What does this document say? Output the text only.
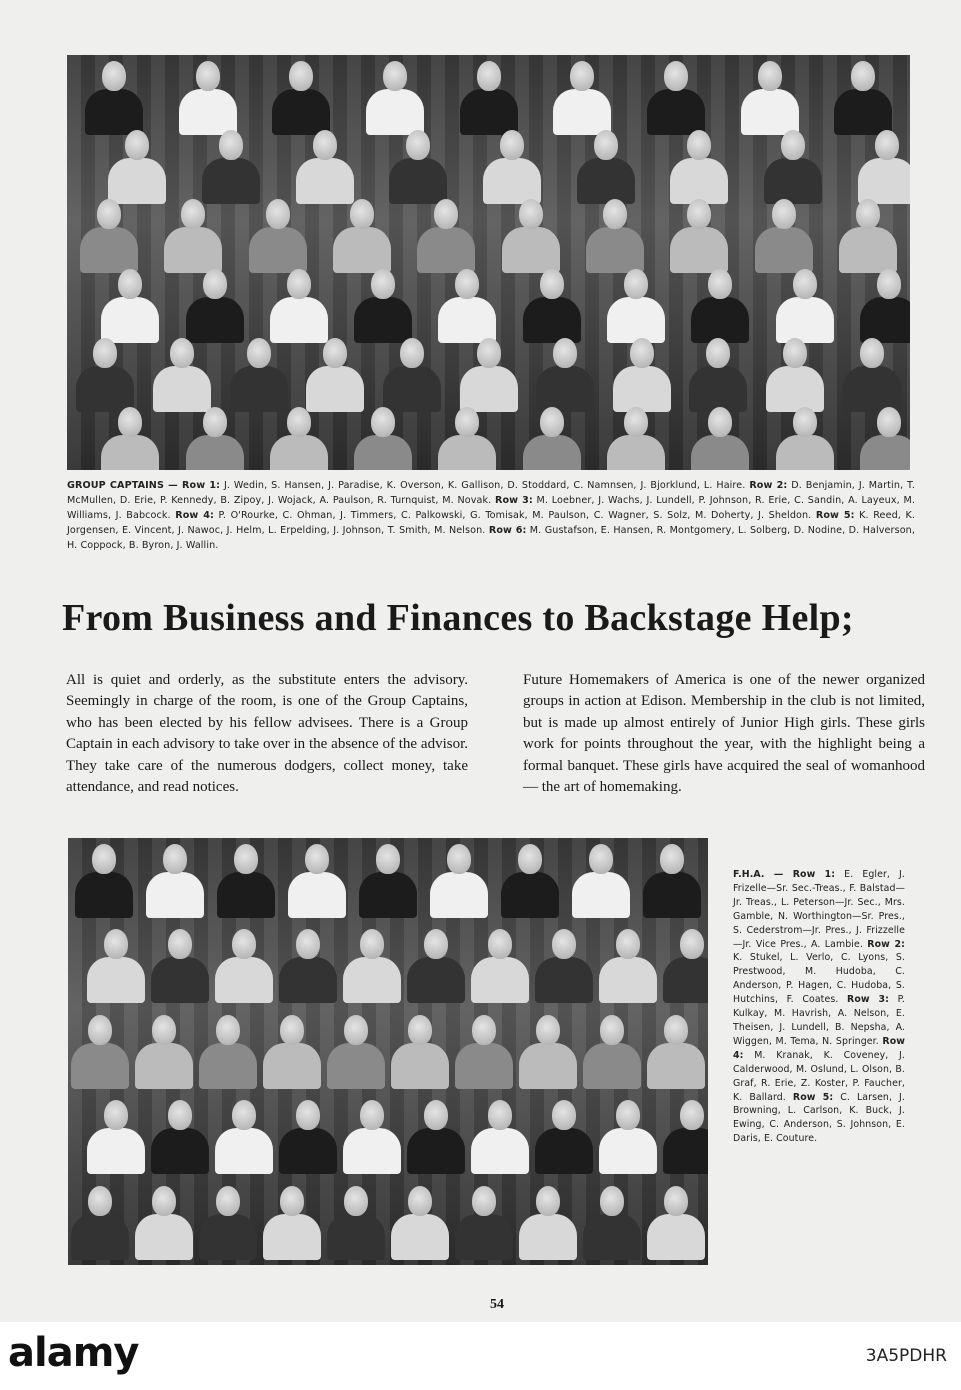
GROUP CAPTAINS — Row 1: J. Wedin, S. Hansen, J. Paradise, K. Overson, K. Gallison, D. Stoddard, C. Namnsen, J. Bjorklund, L. Haire. Row 2: D. Benjamin, J. Martin, T. McMullen, D. Erie, P. Kennedy, B. Zipoy, J. Wojack, A. Paulson, R. Turnquist, M. Novak. Row 3: M. Loebner, J. Wachs, J. Lundell, P. Johnson, R. Erie, C. Sandin, A. Layeux, M. Williams, J. Babcock. Row 4: P. O'Rourke, C. Ohman, J. Timmers, C. Palkowski, G. Tomisak, M. Paulson, C. Wagner, S. Solz, M. Doherty, J. Sheldon. Row 5: K. Reed, K. Jorgensen, E. Vincent, J. Nawoc, J. Helm, L. Erpelding, J. Johnson, T. Smith, M. Nelson. Row 6: M. Gustafson, E. Hansen, R. Montgomery, L. Solberg, D. Nodine, D. Halverson, H. Coppock, B. Byron, J. Wallin.
From Business and Finances to Backstage Help;
All is quiet and orderly, as the substitute enters the advisory. Seemingly in charge of the room, is one of the Group Captains, who has been elected by his fellow advisees. There is a Group Captain in each advisory to take over in the absence of the advisor. They take care of the numerous dodgers, collect money, take attendance, and read notices.
Future Homemakers of America is one of the newer organized groups in action at Edison. Membership in the club is not limited, but is made up almost entirely of Junior High girls. These girls work for points throughout the year, with the highlight being a formal banquet. These girls have acquired the seal of womanhood — the art of homemaking.
F.H.A. — Row 1: E. Egler, J. Frizelle—Sr. Sec.-Treas., F. Balstad—Jr. Treas., L. Peterson—Jr. Sec., Mrs. Gamble, N. Worthington—Sr. Pres., S. Cederstrom—Jr. Pres., J. Frizzelle—Jr. Vice Pres., A. Lambie. Row 2: K. Stukel, L. Verlo, C. Lyons, S. Prestwood, M. Hudoba, C. Anderson, P. Hagen, C. Hudoba, S. Hutchins, F. Coates. Row 3: P. Kulkay, M. Havrish, A. Nelson, E. Theisen, J. Lundell, B. Nepsha, A. Wiggen, M. Tema, N. Springer. Row 4: M. Kranak, K. Coveney, J. Calderwood, M. Oslund, L. Olson, B. Graf, R. Erie, Z. Koster, P. Faucher, K. Ballard. Row 5: C. Larsen, J. Browning, L. Carlson, K. Buck, J. Ewing, C. Anderson, S. Johnson, E. Daris, E. Couture.
54
alamy	3A5PDHR
